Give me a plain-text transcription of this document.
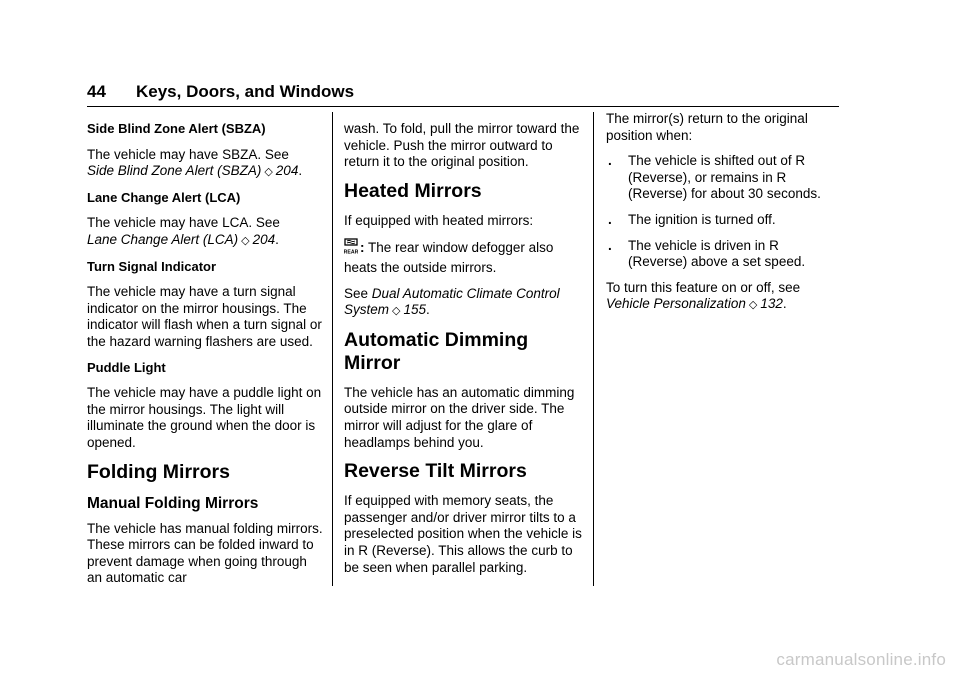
44 Keys, Doors, and Windows
Side Blind Zone Alert (SBZA)

The vehicle may have SBZA. See
Side Blind Zone Alert (SBZA) ◇ 204.

Lane Change Alert (LCA)

The vehicle may have LCA. See
Lane Change Alert (LCA) ◇ 204.

Turn Signal Indicator

The vehicle may have a turn signal indicator on the mirror housings. The indicator will flash when a turn signal or the hazard warning flashers are used.

Puddle Light

The vehicle may have a puddle light on the mirror housings. The light will illuminate the ground when the door is opened.

Folding Mirrors
Manual Folding Mirrors

The vehicle has manual folding mirrors. These mirrors can be folded inward to prevent damage when going through an automatic car

wash. To fold, pull the mirror toward the vehicle. Push the mirror outward to return it to the original position.

Heated Mirrors

If equipped with heated mirrors:

REAR : The rear window defogger also heats the outside mirrors.

See Dual Automatic Climate Control System ◇ 155.

Automatic Dimming Mirror

The vehicle has an automatic dimming outside mirror on the driver side. The mirror will adjust for the glare of headlamps behind you.

Reverse Tilt Mirrors

If equipped with memory seats, the passenger and/or driver mirror tilts to a preselected position when the vehicle is in R (Reverse). This allows the curb to be seen when parallel parking.

The mirror(s) return to the original position when:

. The vehicle is shifted out of R (Reverse), or remains in R (Reverse) for about 30 seconds.
. The ignition is turned off.
. The vehicle is driven in R (Reverse) above a set speed.

To turn this feature on or off, see
Vehicle Personalization ◇ 132.

carmanualsonline.info
